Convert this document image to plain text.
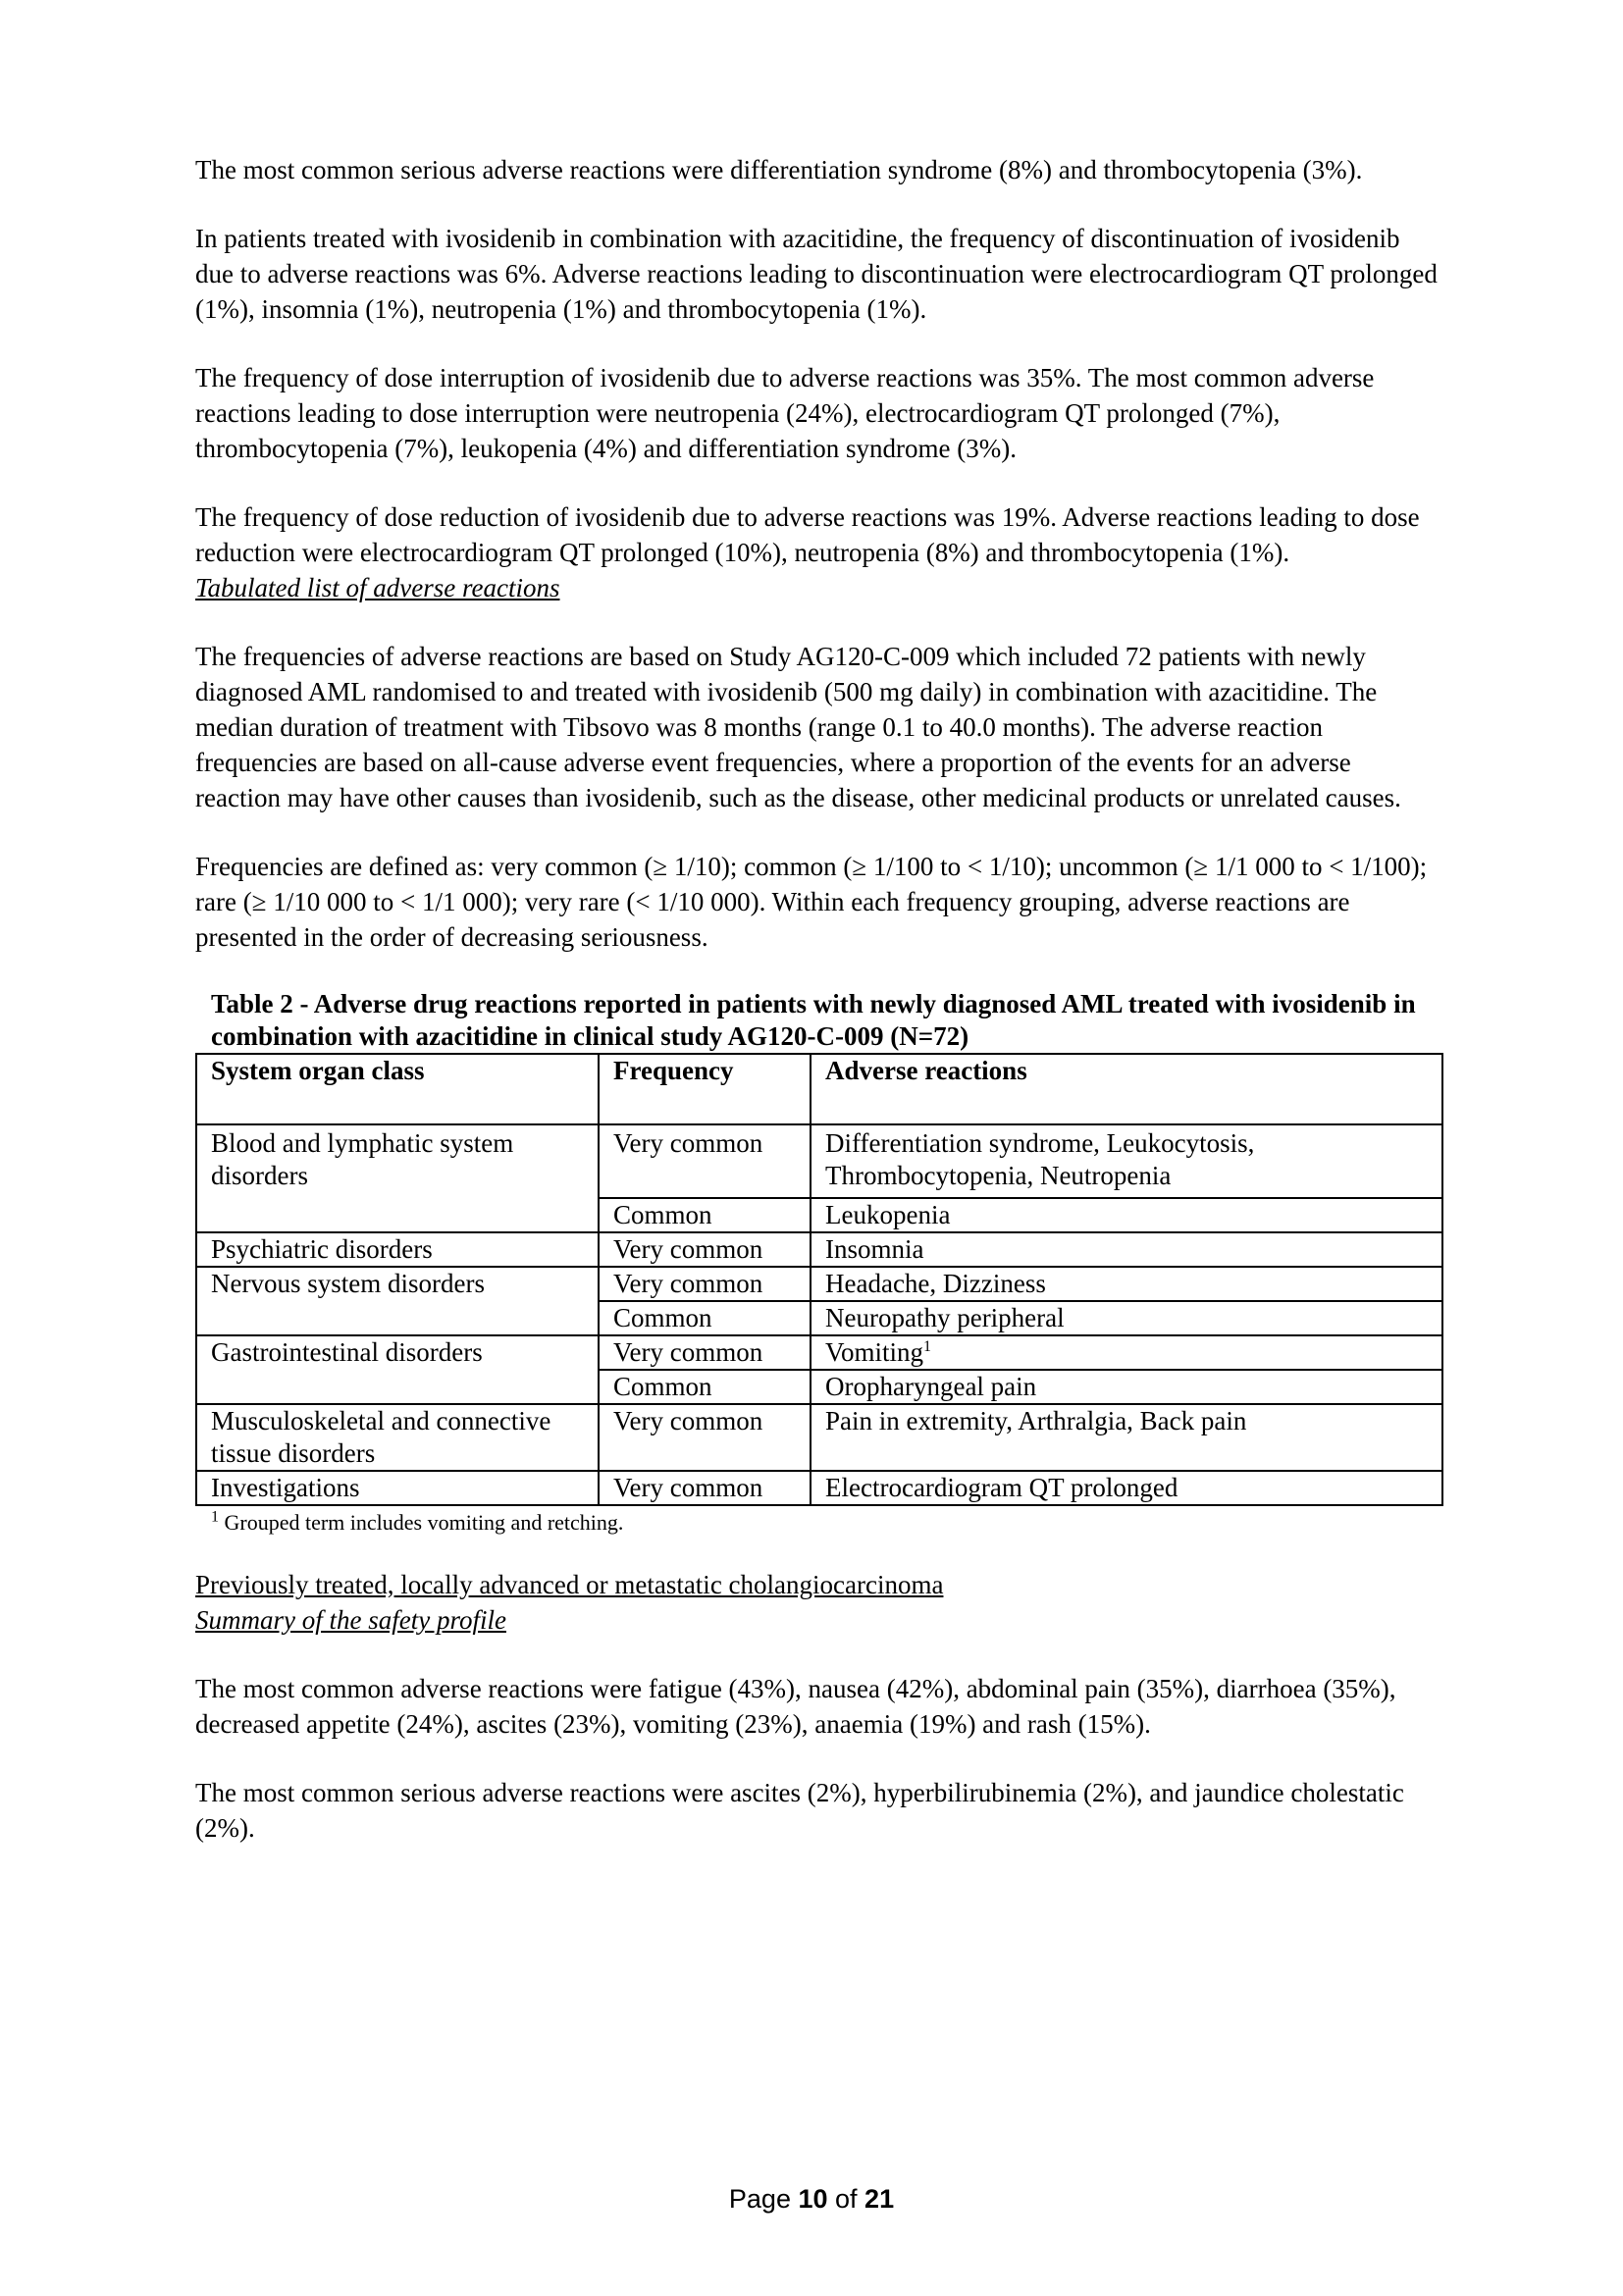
The most common serious adverse reactions were differentiation syndrome (8%) and thrombocytopenia (3%).

In patients treated with ivosidenib in combination with azacitidine, the frequency of discontinuation of ivosidenib due to adverse reactions was 6%. Adverse reactions leading to discontinuation were electrocardiogram QT prolonged (1%), insomnia (1%), neutropenia (1%) and thrombocytopenia (1%).

The frequency of dose interruption of ivosidenib due to adverse reactions was 35%. The most common adverse reactions leading to dose interruption were neutropenia (24%), electrocardiogram QT prolonged (7%), thrombocytopenia (7%), leukopenia (4%) and differentiation syndrome (3%).

The frequency of dose reduction of ivosidenib due to adverse reactions was 19%. Adverse reactions leading to dose reduction were electrocardiogram QT prolonged (10%), neutropenia (8%) and thrombocytopenia (1%).

Tabulated list of adverse reactions

The frequencies of adverse reactions are based on Study AG120-C-009 which included 72 patients with newly diagnosed AML randomised to and treated with ivosidenib (500 mg daily) in combination with azacitidine. The median duration of treatment with Tibsovo was 8 months (range 0.1 to 40.0 months). The adverse reaction frequencies are based on all-cause adverse event frequencies, where a proportion of the events for an adverse reaction may have other causes than ivosidenib, such as the disease, other medicinal products or unrelated causes.

Frequencies are defined as: very common (≥ 1/10); common (≥ 1/100 to < 1/10); uncommon (≥ 1/1 000 to < 1/100); rare (≥ 1/10 000 to < 1/1 000); very rare (< 1/10 000). Within each frequency grouping, adverse reactions are presented in the order of decreasing seriousness.

Table 2 - Adverse drug reactions reported in patients with newly diagnosed AML treated with ivosidenib in combination with azacitidine in clinical study AG120-C-009 (N=72)

System organ class	Frequency	Adverse reactions
Blood and lymphatic system disorders	Very common	Differentiation syndrome, Leukocytosis, Thrombocytopenia, Neutropenia
	Common	Leukopenia
Psychiatric disorders	Very common	Insomnia
Nervous system disorders	Very common	Headache, Dizziness
	Common	Neuropathy peripheral
Gastrointestinal disorders	Very common	Vomiting$^1$
	Common	Oropharyngeal pain
Musculoskeletal and connective tissue disorders	Very common	Pain in extremity, Arthralgia, Back pain
Investigations	Very common	Electrocardiogram QT prolonged

$^1$ Grouped term includes vomiting and retching.

Previously treated, locally advanced or metastatic cholangiocarcinoma

Summary of the safety profile

The most common adverse reactions were fatigue (43%), nausea (42%), abdominal pain (35%), diarrhoea (35%), decreased appetite (24%), ascites (23%), vomiting (23%), anaemia (19%) and rash (15%).

The most common serious adverse reactions were ascites (2%), hyperbilirubinemia (2%), and jaundice cholestatic (2%).

Page 10 of 21
